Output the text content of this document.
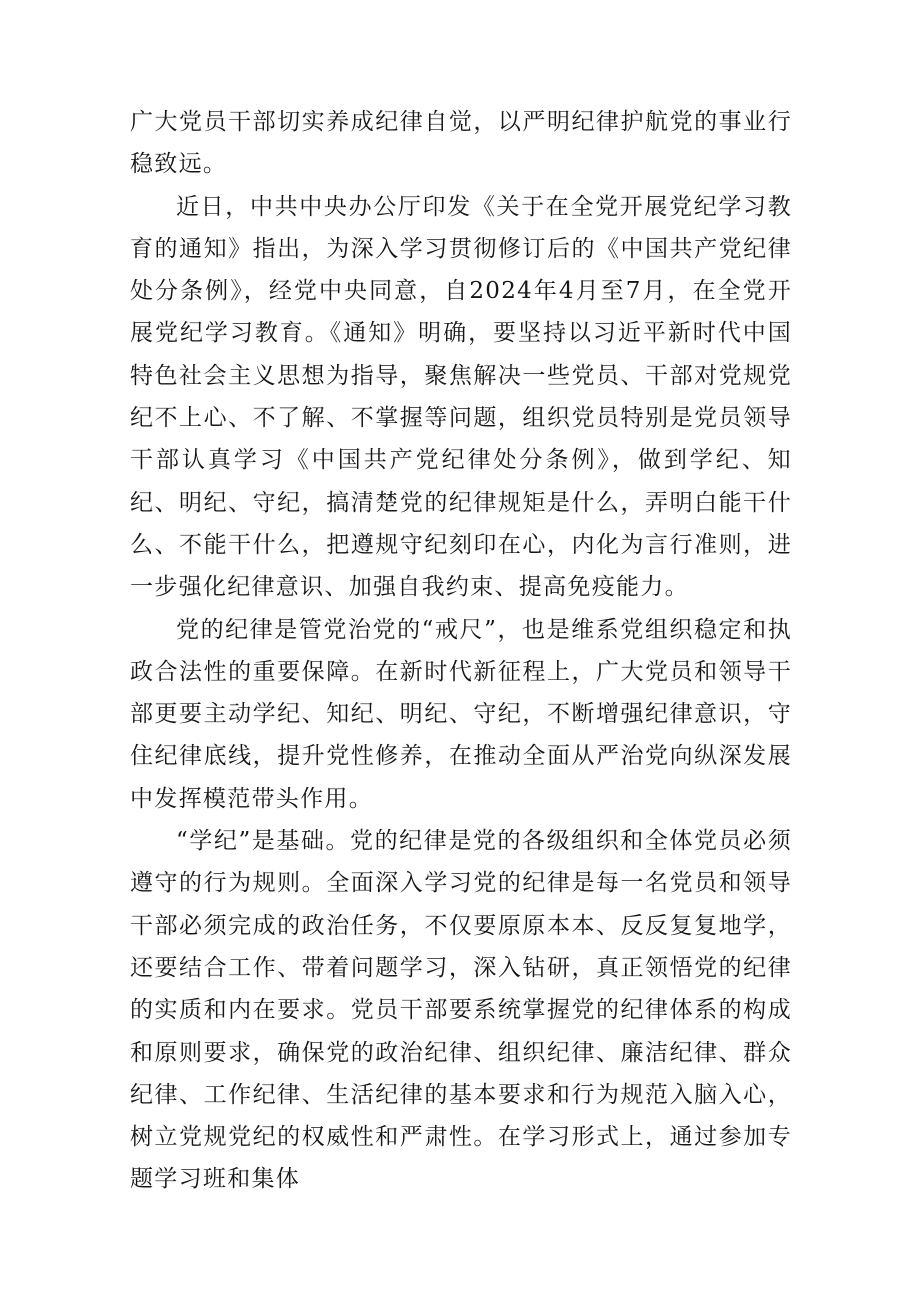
广大党员干部切实养成纪律自觉，以严明纪律护航党的事业行稳致远。

近日，中共中央办公厅印发《关于在全党开展党纪学习教育的通知》指出，为深入学习贯彻修订后的《中国共产党纪律处分条例》，经党中央同意，自2024年4月至7月，在全党开展党纪学习教育。《通知》明确，要坚持以习近平新时代中国特色社会主义思想为指导，聚焦解决一些党员、干部对党规党纪不上心、不了解、不掌握等问题，组织党员特别是党员领导干部认真学习《中国共产党纪律处分条例》，做到学纪、知纪、明纪、守纪，搞清楚党的纪律规矩是什么，弄明白能干什么、不能干什么，把遵规守纪刻印在心，内化为言行准则，进一步强化纪律意识、加强自我约束、提高免疫能力。

党的纪律是管党治党的“戒尺”，也是维系党组织稳定和执政合法性的重要保障。在新时代新征程上，广大党员和领导干部更要主动学纪、知纪、明纪、守纪，不断增强纪律意识，守住纪律底线，提升党性修养，在推动全面从严治党向纵深发展中发挥模范带头作用。

“学纪”是基础。党的纪律是党的各级组织和全体党员必须遵守的行为规则。全面深入学习党的纪律是每一名党员和领导干部必须完成的政治任务，不仅要原原本本、反反复复地学，还要结合工作、带着问题学习，深入钻研，真正领悟党的纪律的实质和内在要求。党员干部要系统掌握党的纪律体系的构成和原则要求，确保党的政治纪律、组织纪律、廉洁纪律、群众纪律、工作纪律、生活纪律的基本要求和行为规范入脑入心，树立党规党纪的权威性和严肃性。在学习形式上，通过参加专题学习班和集体
